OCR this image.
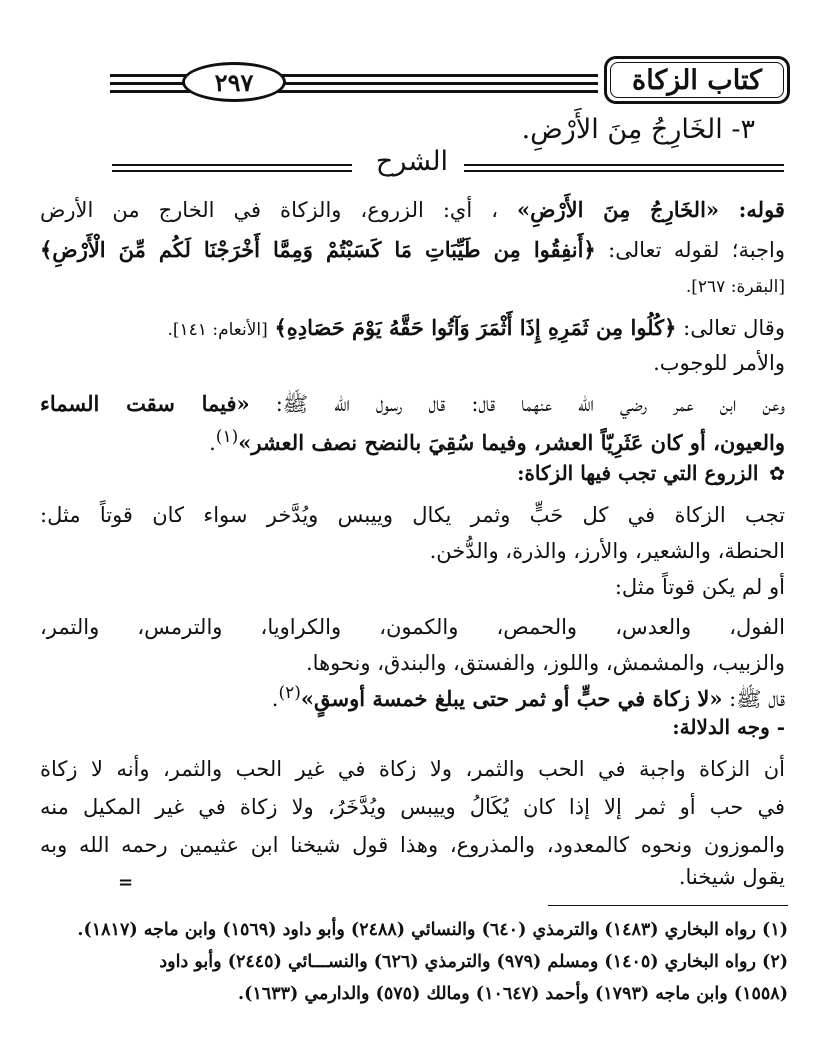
٢٩٧	كتاب الزكاة
٣- الخَارِجُ مِنَ الأَرْضِ.
الشرح
قوله: «الخَارِجُ مِنَ الأَرْضِ» ، أي: الزروع، والزكاة في الخارج من الأرض
واجبة؛ لقوله تعالى: ﴿أَنفِقُوا مِن طَيِّبَاتِ مَا كَسَبْتُمْ وَمِمَّا أَخْرَجْنَا لَكُم مِّنَ الْأَرْضِ﴾
[البقرة: ٢٦٧].
وقال تعالى: ﴿كُلُوا مِن ثَمَرِهِ إِذَا أَثْمَرَ وَآتُوا حَقَّهُ يَوْمَ حَصَادِهِ﴾ [الأنعام: ١٤١].
والأمر للوجوب.
وعن ابن عمر رضي الله عنهما قال: قال رسول الله ﷺ: «فيما سقت السماء
والعيون، أو كان عَثَرِيّاً العشر، وفيما سُقِيَ بالنضح نصف العشر»$^{(١)}$.
✿ الزروع التي تجب فيها الزكاة:
تجب الزكاة في كل حَبٍّ وثمر يكال وييبس ويُدَّخر سواء كان قوتاً مثل:
الحنطة، والشعير، والأرز، والذرة، والدُّخن.
أو لم يكن قوتاً مثل:
الفول، والعدس، والحمص، والكمون، والكراويا، والترمس، والتمر،
والزبيب، والمشمش، واللوز، والفستق، والبندق، ونحوها.
قال ﷺ: «لا زكاة في حبٍّ أو ثمر حتى يبلغ خمسة أوسقٍ»$^{(٢)}$.
- وجه الدلالة:
أن الزكاة واجبة في الحب والثمر، ولا زكاة في غير الحب والثمر، وأنه لا زكاة
في حب أو ثمر إلا إذا كان يُكَالُ وييبس ويُدَّخَرُ، ولا زكاة في غير المكيل منه
والموزون ونحوه كالمعدود، والمذروع، وهذا قول شيخنا ابن عثيمين رحمه الله وبه
يقول شيخنا.
=
(١) رواه البخاري (١٤٨٣) والترمذي (٦٤٠) والنسائي (٢٤٨٨) وأبو داود (١٥٦٩) وابن ماجه (١٨١٧).
(٢) رواه البخاري (١٤٠٥) ومسلم (٩٧٩) والترمذي (٦٢٦) والنســـائي (٢٤٤٥) وأبو داود
(١٥٥٨) وابن ماجه (١٧٩٣) وأحمد (١٠٦٤٧) ومالك (٥٧٥) والدارمي (١٦٣٣).
